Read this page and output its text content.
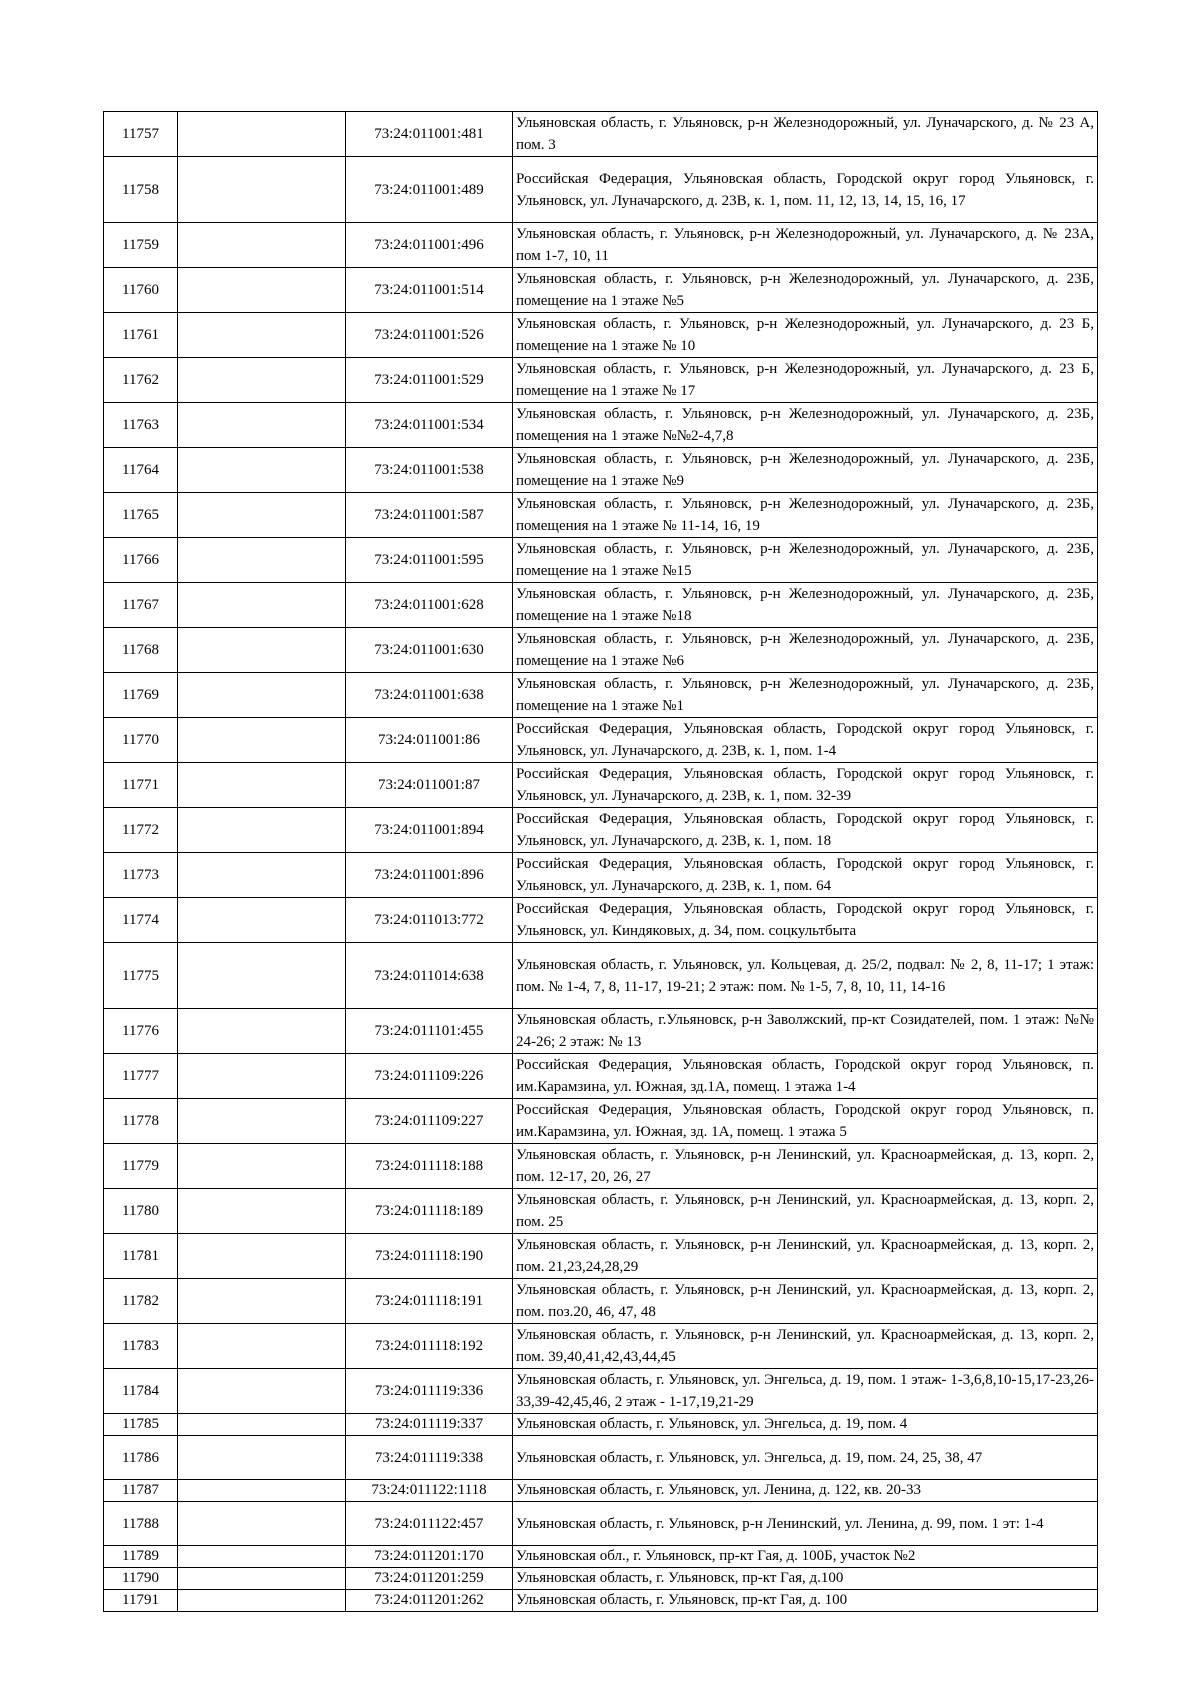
11757		73:24:011001:481	Ульяновская область, г. Ульяновск, р-н Железнодорожный, ул. Луначарского, д. № 23 А, пом. 3
11758		73:24:011001:489	Российская Федерация, Ульяновская область, Городской округ город Ульяновск, г. Ульяновск, ул. Луначарского, д. 23В, к. 1, пом. 11, 12, 13, 14, 15, 16, 17
11759		73:24:011001:496	Ульяновская область, г. Ульяновск, р-н Железнодорожный, ул. Луначарского, д. № 23А, пом 1-7, 10, 11
11760		73:24:011001:514	Ульяновская область, г. Ульяновск, р-н Железнодорожный, ул. Луначарского, д. 23Б, помещение на 1 этаже №5
11761		73:24:011001:526	Ульяновская область, г. Ульяновск, р-н Железнодорожный, ул. Луначарского, д. 23 Б, помещение на 1 этаже № 10
11762		73:24:011001:529	Ульяновская область, г. Ульяновск, р-н Железнодорожный, ул. Луначарского, д. 23 Б, помещение на 1 этаже № 17
11763		73:24:011001:534	Ульяновская область, г. Ульяновск, р-н Железнодорожный, ул. Луначарского, д. 23Б, помещения на 1 этаже №№2-4,7,8
11764		73:24:011001:538	Ульяновская область, г. Ульяновск, р-н Железнодорожный, ул. Луначарского, д. 23Б, помещение на 1 этаже №9
11765		73:24:011001:587	Ульяновская область, г. Ульяновск, р-н Железнодорожный, ул. Луначарского, д. 23Б, помещения на 1 этаже № 11-14, 16, 19
11766		73:24:011001:595	Ульяновская область, г. Ульяновск, р-н Железнодорожный, ул. Луначарского, д. 23Б, помещение на 1 этаже №15
11767		73:24:011001:628	Ульяновская область, г. Ульяновск, р-н Железнодорожный, ул. Луначарского, д. 23Б, помещение на 1 этаже №18
11768		73:24:011001:630	Ульяновская область, г. Ульяновск, р-н Железнодорожный, ул. Луначарского, д. 23Б, помещение на 1 этаже №6
11769		73:24:011001:638	Ульяновская область, г. Ульяновск, р-н Железнодорожный, ул. Луначарского, д. 23Б, помещение на 1 этаже №1
11770		73:24:011001:86	Российская Федерация, Ульяновская область, Городской округ город Ульяновск, г. Ульяновск, ул. Луначарского, д. 23В, к. 1, пом. 1-4
11771		73:24:011001:87	Российская Федерация, Ульяновская область, Городской округ город Ульяновск, г. Ульяновск, ул. Луначарского, д. 23В, к. 1, пом. 32-39
11772		73:24:011001:894	Российская Федерация, Ульяновская область, Городской округ город Ульяновск, г. Ульяновск, ул. Луначарского, д. 23В, к. 1, пом. 18
11773		73:24:011001:896	Российская Федерация, Ульяновская область, Городской округ город Ульяновск, г. Ульяновск, ул. Луначарского, д. 23В, к. 1, пом. 64
11774		73:24:011013:772	Российская Федерация, Ульяновская область, Городской округ город Ульяновск, г. Ульяновск, ул. Киндяковых, д. 34, пом. соцкультбыта
11775		73:24:011014:638	Ульяновская область, г. Ульяновск, ул. Кольцевая, д. 25/2, подвал: № 2, 8, 11-17; 1 этаж: пом. № 1-4, 7, 8, 11-17, 19-21; 2 этаж: пом. № 1-5, 7, 8, 10, 11, 14-16
11776		73:24:011101:455	Ульяновская область, г.Ульяновск, р-н Заволжский, пр-кт Созидателей, пом. 1 этаж: №№ 24-26; 2 этаж: № 13
11777		73:24:011109:226	Российская Федерация, Ульяновская область, Городской округ город Ульяновск, п. им.Карамзина, ул. Южная, зд.1А, помещ. 1 этажа 1-4
11778		73:24:011109:227	Российская Федерация, Ульяновская область, Городской округ город Ульяновск, п. им.Карамзина, ул. Южная, зд. 1А, помещ. 1 этажа 5
11779		73:24:011118:188	Ульяновская область, г. Ульяновск, р-н Ленинский, ул. Красноармейская, д. 13, корп. 2, пом. 12-17, 20, 26, 27
11780		73:24:011118:189	Ульяновская область, г. Ульяновск, р-н Ленинский, ул. Красноармейская, д. 13, корп. 2, пом. 25
11781		73:24:011118:190	Ульяновская область, г. Ульяновск, р-н Ленинский, ул. Красноармейская, д. 13, корп. 2, пом. 21,23,24,28,29
11782		73:24:011118:191	Ульяновская область, г. Ульяновск, р-н Ленинский, ул. Красноармейская, д. 13, корп. 2, пом. поз.20, 46, 47, 48
11783		73:24:011118:192	Ульяновская область, г. Ульяновск, р-н Ленинский, ул. Красноармейская, д. 13, корп. 2, пом. 39,40,41,42,43,44,45
11784		73:24:011119:336	Ульяновская область, г. Ульяновск, ул. Энгельса, д. 19, пом. 1 этаж- 1-3,6,8,10-15,17-23,26-33,39-42,45,46, 2 этаж - 1-17,19,21-29
11785		73:24:011119:337	Ульяновская область, г. Ульяновск, ул. Энгельса, д. 19, пом. 4
11786		73:24:011119:338	Ульяновская область, г. Ульяновск, ул. Энгельса, д. 19, пом. 24, 25, 38, 47
11787		73:24:011122:1118	Ульяновская область, г. Ульяновск, ул. Ленина, д. 122, кв. 20-33
11788		73:24:011122:457	Ульяновская область, г. Ульяновск, р-н Ленинский, ул. Ленина, д. 99, пом. 1 эт: 1-4
11789		73:24:011201:170	Ульяновская обл., г. Ульяновск, пр-кт Гая, д. 100Б, участок №2
11790		73:24:011201:259	Ульяновская область, г. Ульяновск, пр-кт Гая, д.100
11791		73:24:011201:262	Ульяновская область, г. Ульяновск, пр-кт Гая, д. 100
